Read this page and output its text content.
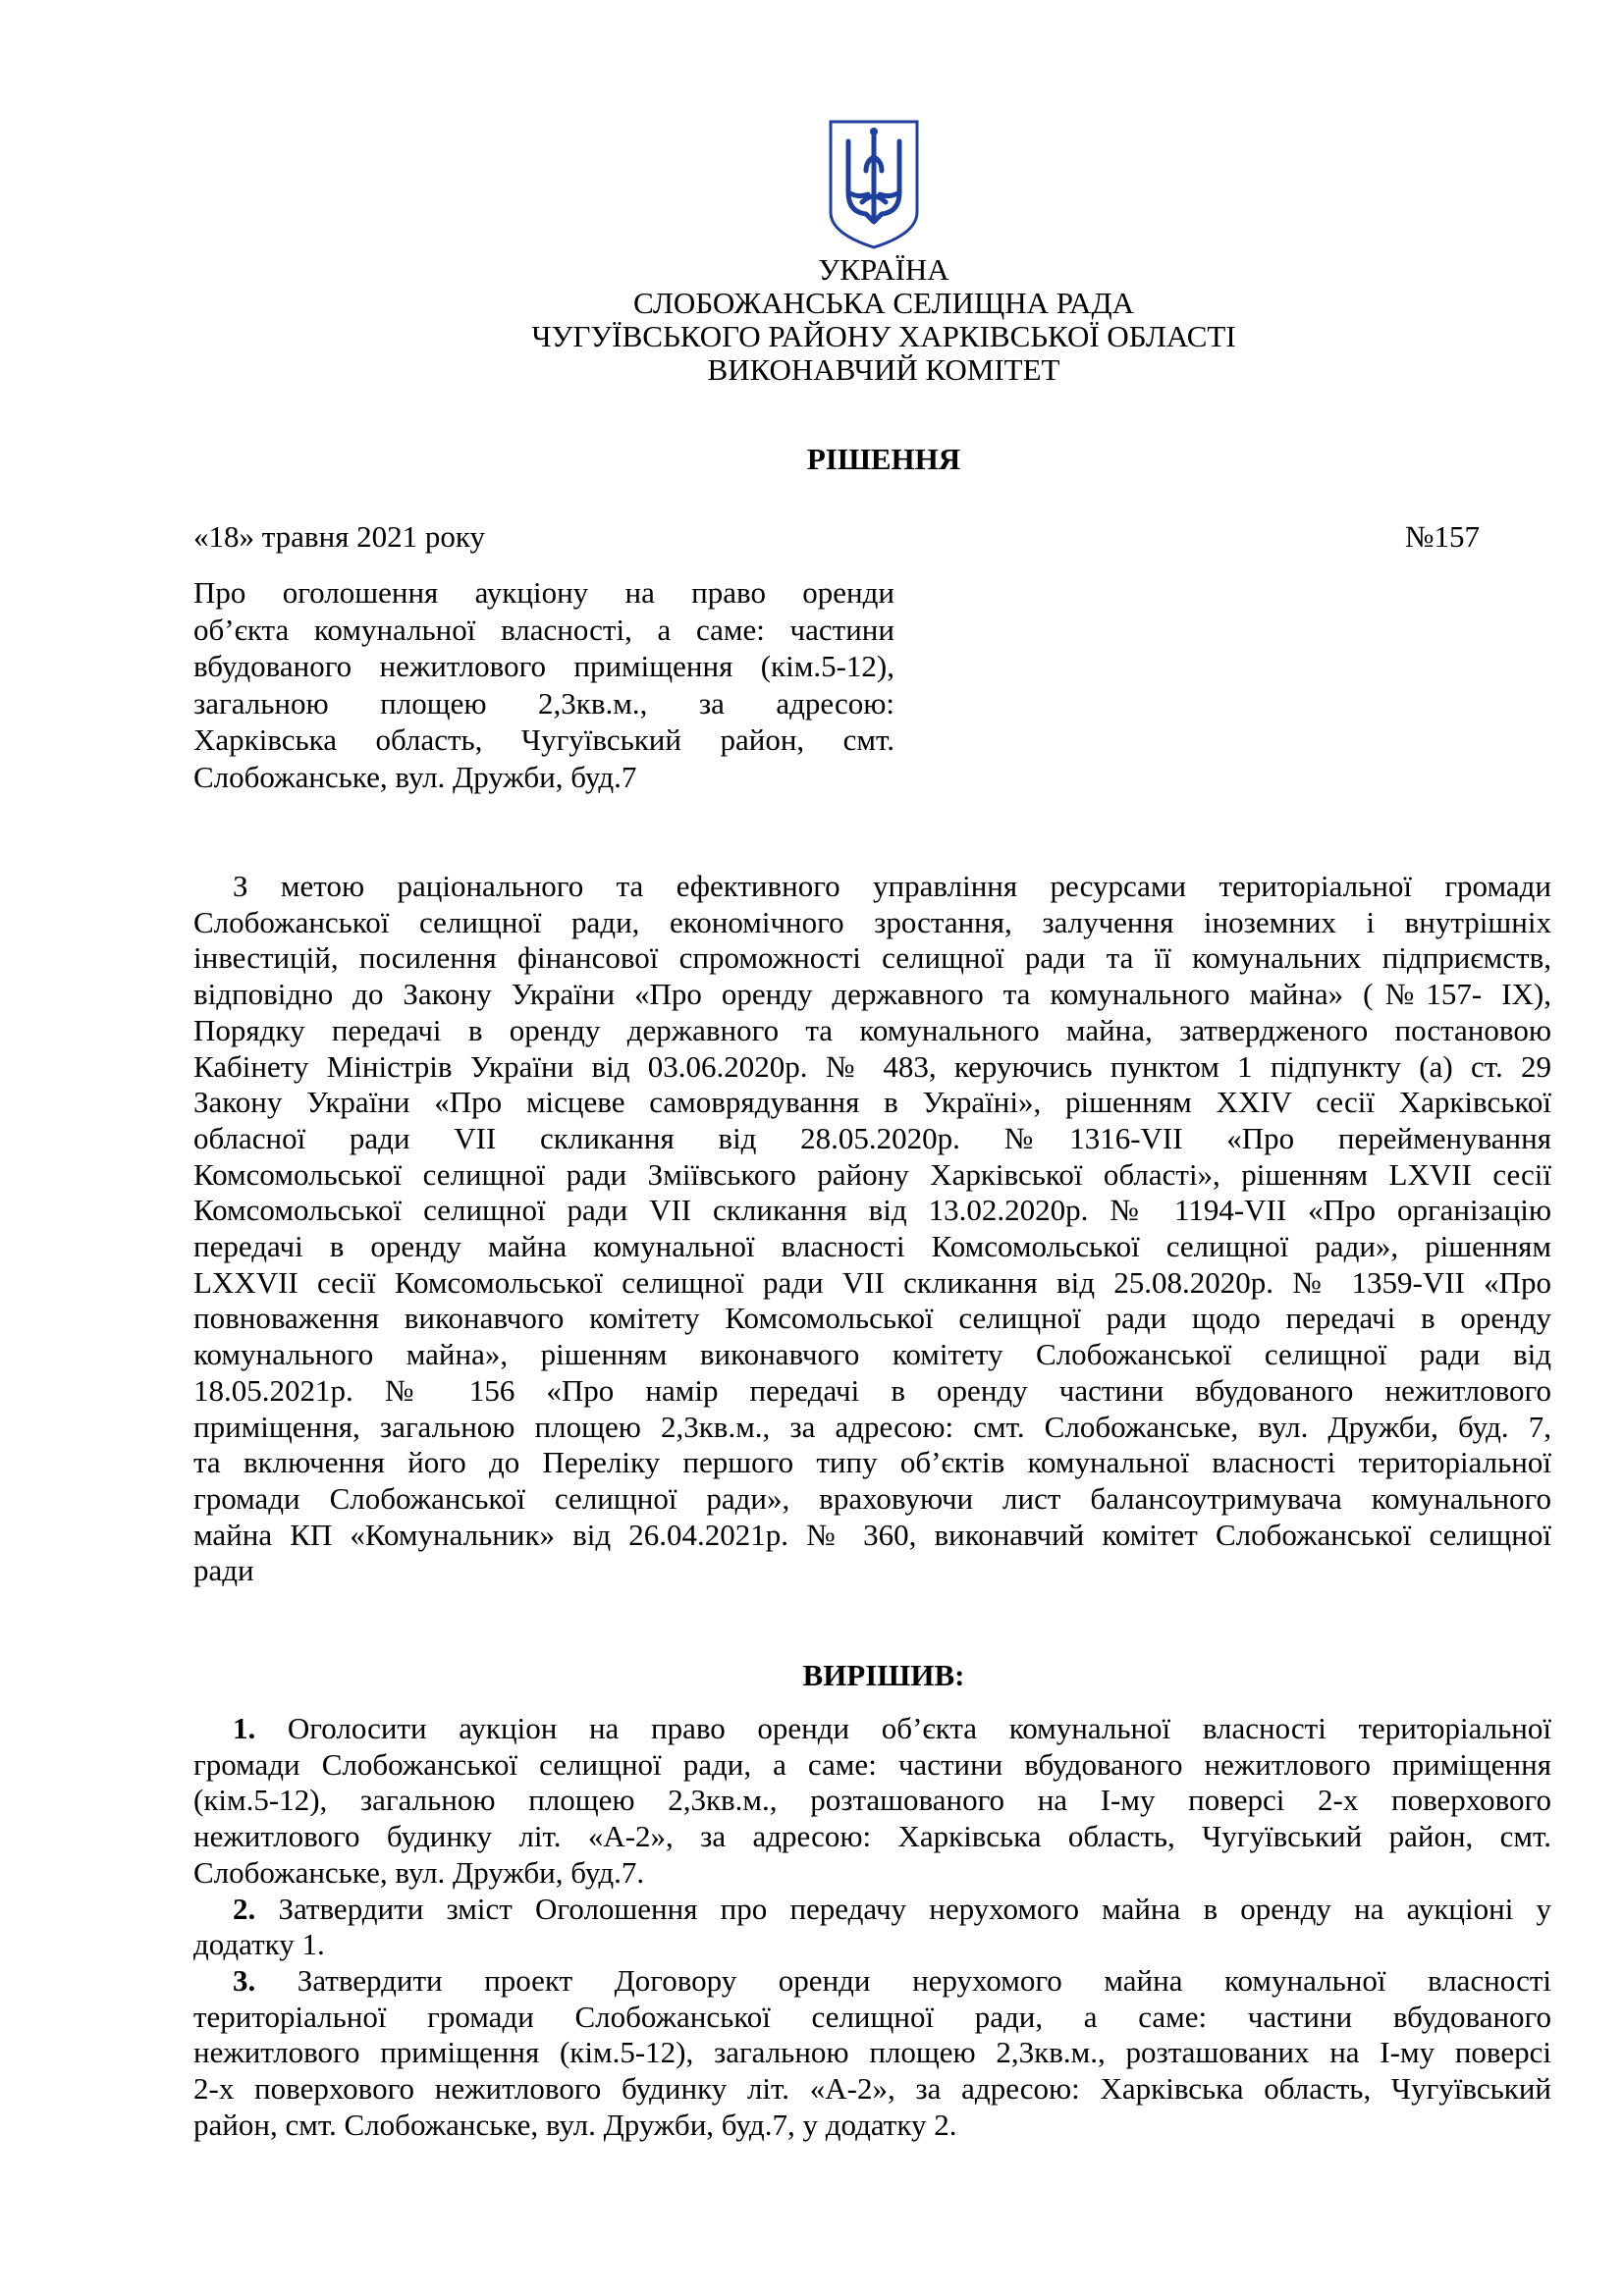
УКРАЇНА
СЛОБОЖАНСЬКА СЕЛИЩНА РАДА
ЧУГУЇВСЬКОГО РАЙОНУ ХАРКІВСЬКОЇ ОБЛАСТІ
ВИКОНАВЧИЙ КОМІТЕТ
РІШЕННЯ
«18» травня 2021 року	№157
Про оголошення аукціону на право оренди
об’єкта комунальної власності, а саме: частини
вбудованого нежитлового приміщення (кім.5-12),
загальною площею 2,3кв.м., за адресою:
Харківська область, Чугуївський район, смт.
Слобожанське, вул. Дружби, буд.7
З метою раціонального та ефективного управління ресурсами територіальної громади
Слобожанської селищної ради, економічного зростання, залучення іноземних і внутрішніх
інвестицій, посилення фінансової спроможності селищної ради та її комунальних підприємств,
відповідно до Закону України «Про оренду державного та комунального майна» (№157- IX),
Порядку передачі в оренду державного та комунального майна, затвердженого постановою
Кабінету Міністрів України від 03.06.2020р. № 483, керуючись пунктом 1 підпункту (а) ст. 29
Закону України «Про місцеве самоврядування в Україні», рішенням XXIV сесії Харківської
обласної ради VII скликання від 28.05.2020р. №1316-VII «Про перейменування
Комсомольської селищної ради Зміївського району Харківської області», рішенням LXVII сесії
Комсомольської селищної ради VII скликання від 13.02.2020р. № 1194-VII «Про організацію
передачі в оренду майна комунальної власності Комсомольської селищної ради», рішенням
LXXVII сесії Комсомольської селищної ради VII скликання від 25.08.2020р. № 1359-VII «Про
повноваження виконавчого комітету Комсомольської селищної ради щодо передачі в оренду
комунального майна», рішенням виконавчого комітету Слобожанської селищної ради від
18.05.2021р. № 156 «Про намір передачі в оренду частини вбудованого нежитлового
приміщення, загальною площею 2,3кв.м., за адресою: смт. Слобожанське, вул. Дружби, буд. 7,
та включення його до Переліку першого типу об’єктів комунальної власності територіальної
громади Слобожанської селищної ради», враховуючи лист балансоутримувача комунального
майна КП «Комунальник» від 26.04.2021р. № 360, виконавчий комітет Слобожанської селищної
ради
ВИРІШИВ:
1. Оголосити аукціон на право оренди об’єкта комунальної власності територіальної
громади Слобожанської селищної ради, а саме: частини вбудованого нежитлового приміщення
(кім.5-12), загальною площею 2,3кв.м., розташованого на І-му поверсі 2-х поверхового
нежитлового будинку літ. «А-2», за адресою: Харківська область, Чугуївський район, смт.
Слобожанське, вул. Дружби, буд.7.
2. Затвердити зміст Оголошення про передачу нерухомого майна в оренду на аукціоні у
додатку 1.
3. Затвердити проект Договору оренди нерухомого майна комунальної власності
територіальної громади Слобожанської селищної ради, а саме: частини вбудованого
нежитлового приміщення (кім.5-12), загальною площею 2,3кв.м., розташованих на І-му поверсі
2-х поверхового нежитлового будинку літ. «А-2», за адресою: Харківська область, Чугуївський
район, смт. Слобожанське, вул. Дружби, буд.7, у додатку 2.
